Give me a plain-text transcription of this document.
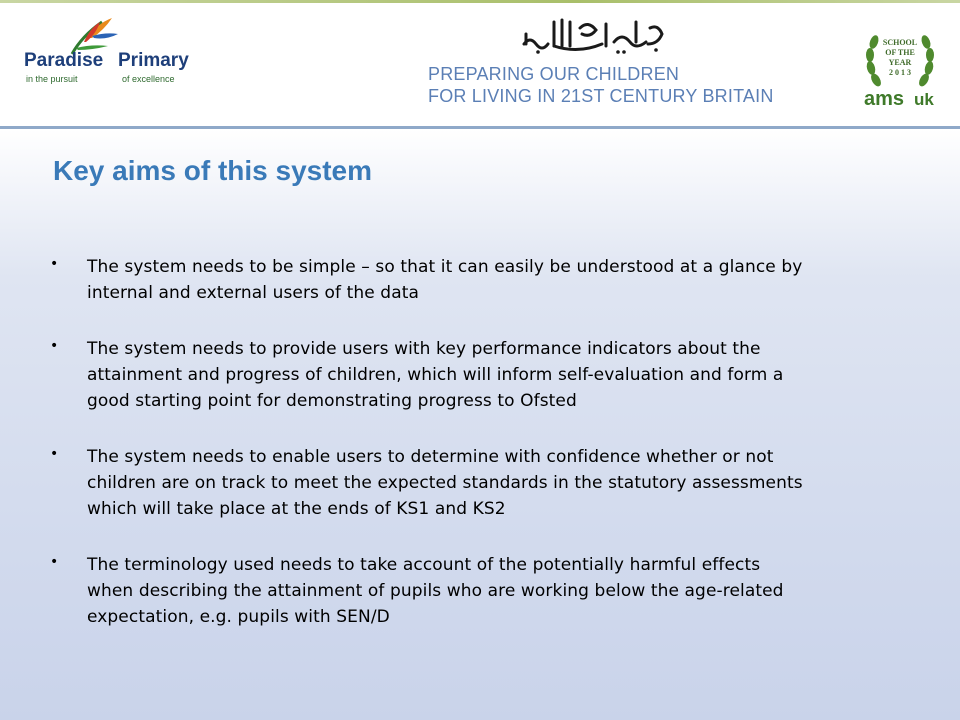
Paradise Primary
in the pursuit	of excellence	PREPARING OUR CHILDREN
FOR LIVING IN 21ST CENTURY BRITAIN
SCHOOL
OF THE
YEAR
2 0 1 3
ams uk
Key aims of this system
• The system needs to be simple – so that it can easily be understood at a glance by internal and external users of the data
• The system needs to provide users with key performance indicators about the attainment and progress of children, which will inform self-evaluation and form a good starting point for demonstrating progress to Ofsted
• The system needs to enable users to determine with confidence whether or not children are on track to meet the expected standards in the statutory assessments which will take place at the ends of KS1 and KS2
• The terminology used needs to take account of the potentially harmful effects when describing the attainment of pupils who are working below the age-related expectation, e.g. pupils with SEN/D
